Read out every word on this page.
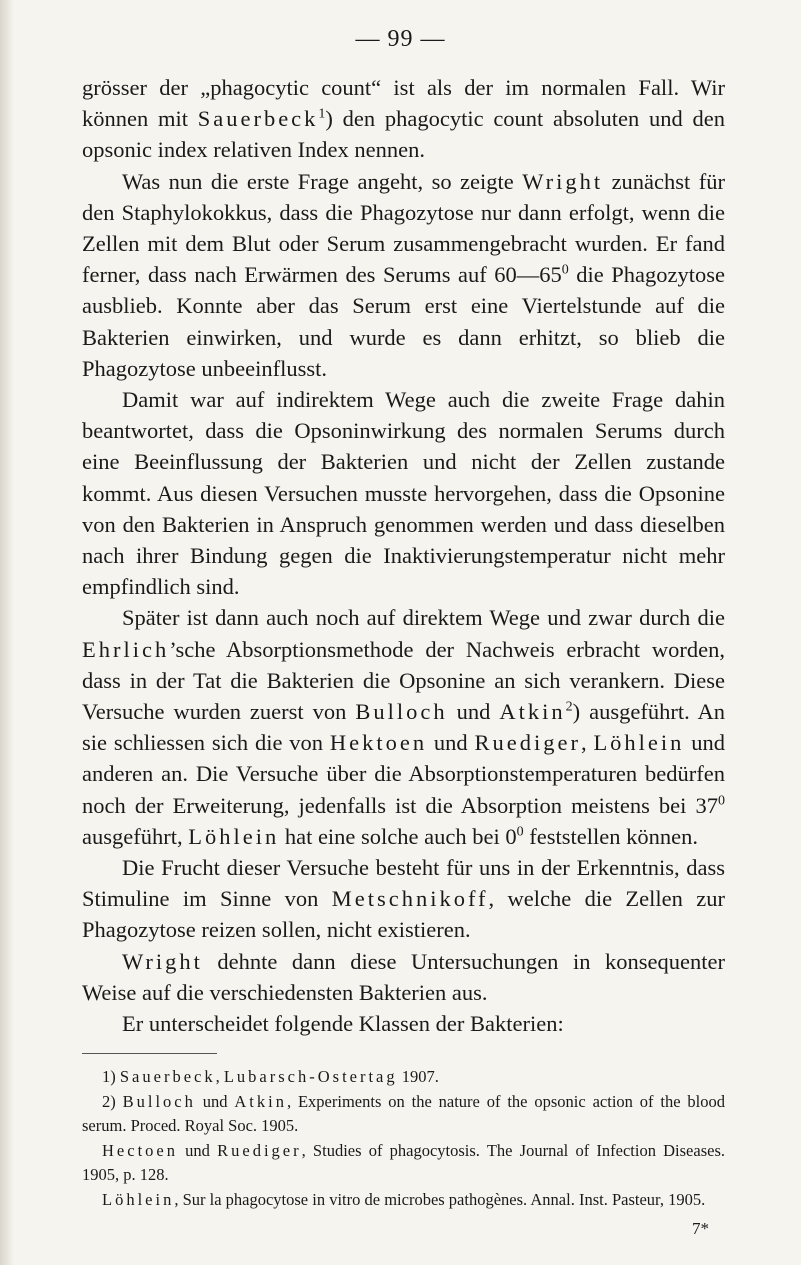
— 99 —

grösser der „phagocytic count“ ist als der im normalen Fall. Wir können mit Sauerbeck$^1$) den phagocytic count absoluten und den opsonic index relativen Index nennen.

Was nun die erste Frage angeht, so zeigte Wright zunächst für den Staphylokokkus, dass die Phagozytose nur dann erfolgt, wenn die Zellen mit dem Blut oder Serum zusammengebracht wurden. Er fand ferner, dass nach Erwärmen des Serums auf $60—65^0$ die Phagozytose ausblieb. Konnte aber das Serum erst eine Viertelstunde auf die Bakterien einwirken, und wurde es dann erhitzt, so blieb die Phagozytose unbeeinflusst.

Damit war auf indirektem Wege auch die zweite Frage dahin beantwortet, dass die Opsoninwirkung des normalen Serums durch eine Beeinflussung der Bakterien und nicht der Zellen zustande kommt. Aus diesen Versuchen musste hervorgehen, dass die Opsonine von den Bakterien in Anspruch genommen werden und dass dieselben nach ihrer Bindung gegen die Inaktivierungstemperatur nicht mehr empfindlich sind.

Später ist dann auch noch auf direktem Wege und zwar durch die Ehrlich’sche Absorptionsmethode der Nachweis erbracht worden, dass in der Tat die Bakterien die Opsonine an sich verankern. Diese Versuche wurden zuerst von Bulloch und Atkin$^2$) ausgeführt. An sie schliessen sich die von Hektoen und Ruediger, Löhlein und anderen an. Die Versuche über die Absorptionstemperaturen bedürfen noch der Erweiterung, jedenfalls ist die Absorption meistens bei $37^0$ ausgeführt, Löhlein hat eine solche auch bei $0^0$ feststellen können.

Die Frucht dieser Versuche besteht für uns in der Erkenntnis, dass Stimuline im Sinne von Metschnikoff, welche die Zellen zur Phagozytose reizen sollen, nicht existieren.

Wright dehnte dann diese Untersuchungen in konsequenter Weise auf die verschiedensten Bakterien aus.

Er unterscheidet folgende Klassen der Bakterien:

1) Sauerbeck, Lubarsch-Ostertag 1907.

2) Bulloch und Atkin, Experiments on the nature of the opsonic action of the blood serum. Proced. Royal Soc. 1905.

Hectoen und Ruediger, Studies of phagocytosis. The Journal of Infection Diseases. 1905, p. 128.

Löhlein, Sur la phagocytose in vitro de microbes pathogènes. Annal. Inst. Pasteur, 1905.

7*
